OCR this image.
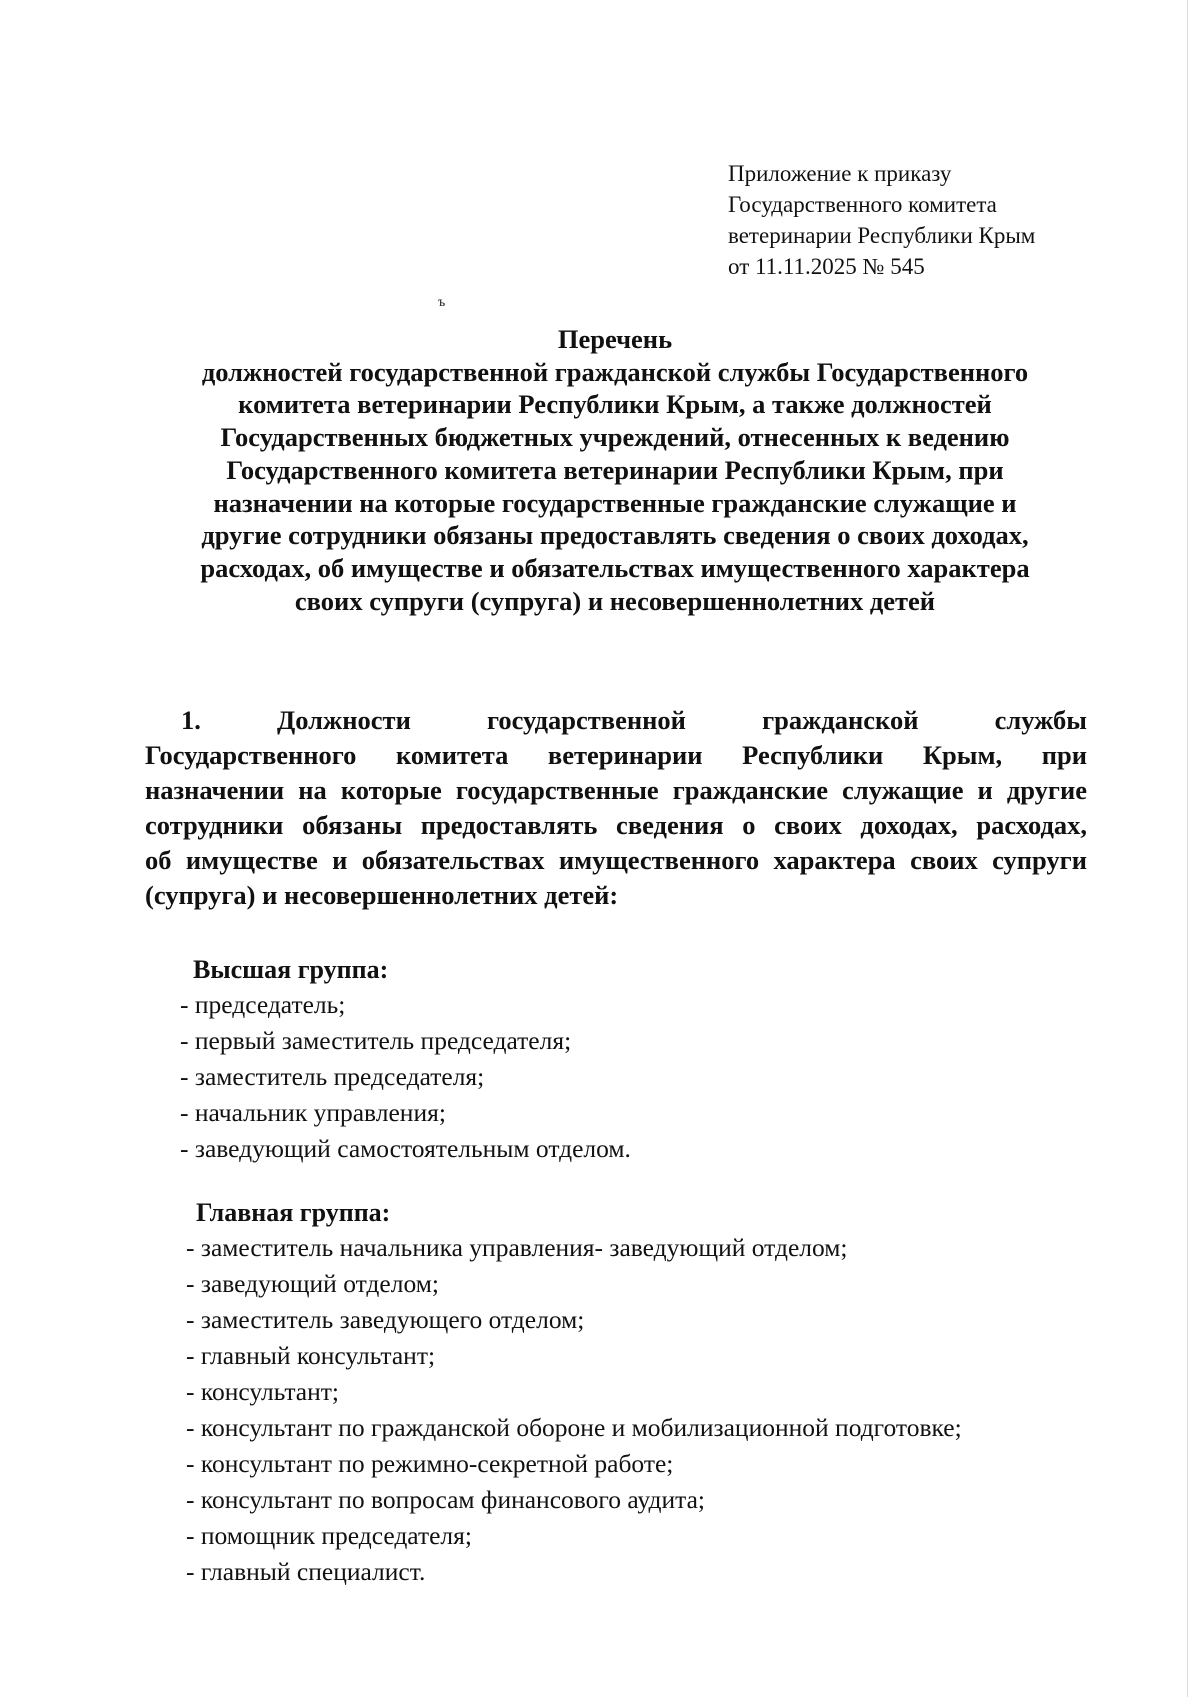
Приложение к приказу
Государственного комитета
ветеринарии Республики Крым
от 11.11.2025 № 545
ъ
Перечень
должностей государственной гражданской службы Государственного
комитета ветеринарии Республики Крым, а также должностей
Государственных бюджетных учреждений, отнесенных к ведению
Государственного комитета ветеринарии Республики Крым, при
назначении на которые государственные гражданские служащие и
другие сотрудники обязаны предоставлять сведения о своих доходах,
расходах, об имуществе и обязательствах имущественного характера
своих супруги (супруга) и несовершеннолетних детей
1. Должности государственной гражданской службы
Государственного комитета ветеринарии Республики Крым, при
назначении на которые государственные гражданские служащие и другие
сотрудники обязаны предоставлять сведения о своих доходах, расходах,
об имуществе и обязательствах имущественного характера своих супруги
(супруга) и несовершеннолетних детей:
Высшая группа:
- председатель;
- первый заместитель председателя;
- заместитель председателя;
- начальник управления;
- заведующий самостоятельным отделом.
Главная группа:
- заместитель начальника управления- заведующий отделом;
- заведующий отделом;
- заместитель заведующего отделом;
- главный консультант;
- консультант;
- консультант по гражданской обороне и мобилизационной подготовке;
- консультант по режимно-секретной работе;
- консультант по вопросам финансового аудита;
- помощник председателя;
- главный специалист.
